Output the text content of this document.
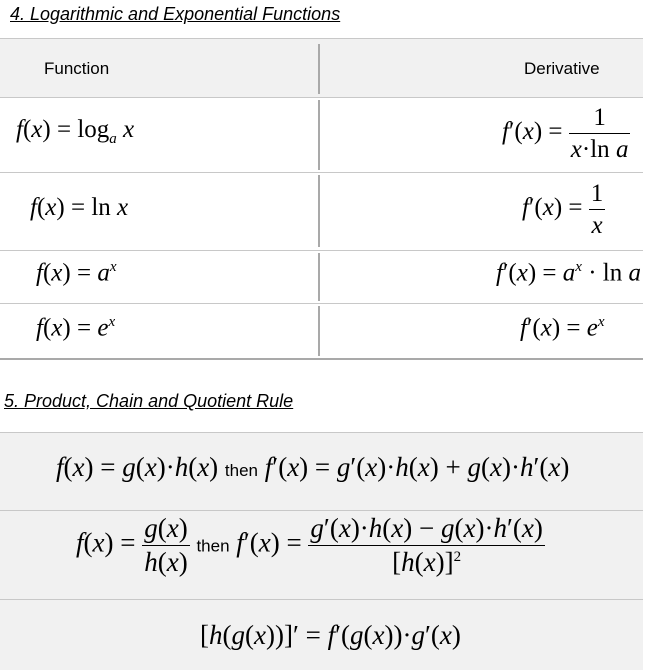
4. Logarithmic and Exponential Functions
Function	Derivative
$f(x) = \log_a x$	$f'(x) = \frac{1}{\text{x·ln a}}$
f(x) = ln x	$f'(x) = \frac{1}{x}$
$f(x) = a^x$	$f'(x) = a^x \cdot \ln a$
$f(x) = e^x$	$f'(x) = e^x$
5. Product, Chain and Quotient Rule
f(x) = g(x)·h(x) then f′(x) = g′(x)·h(x) + g(x)·h′(x)
$f(x) = \frac{g(x)}{h(x)}$ then $f'(x) = \frac{g'(x)\cdot h(x) - g(x)\cdot h'(x)}{[h(x)]^2}$
[h(g(x))]′ = f′(g(x))·g′(x)
